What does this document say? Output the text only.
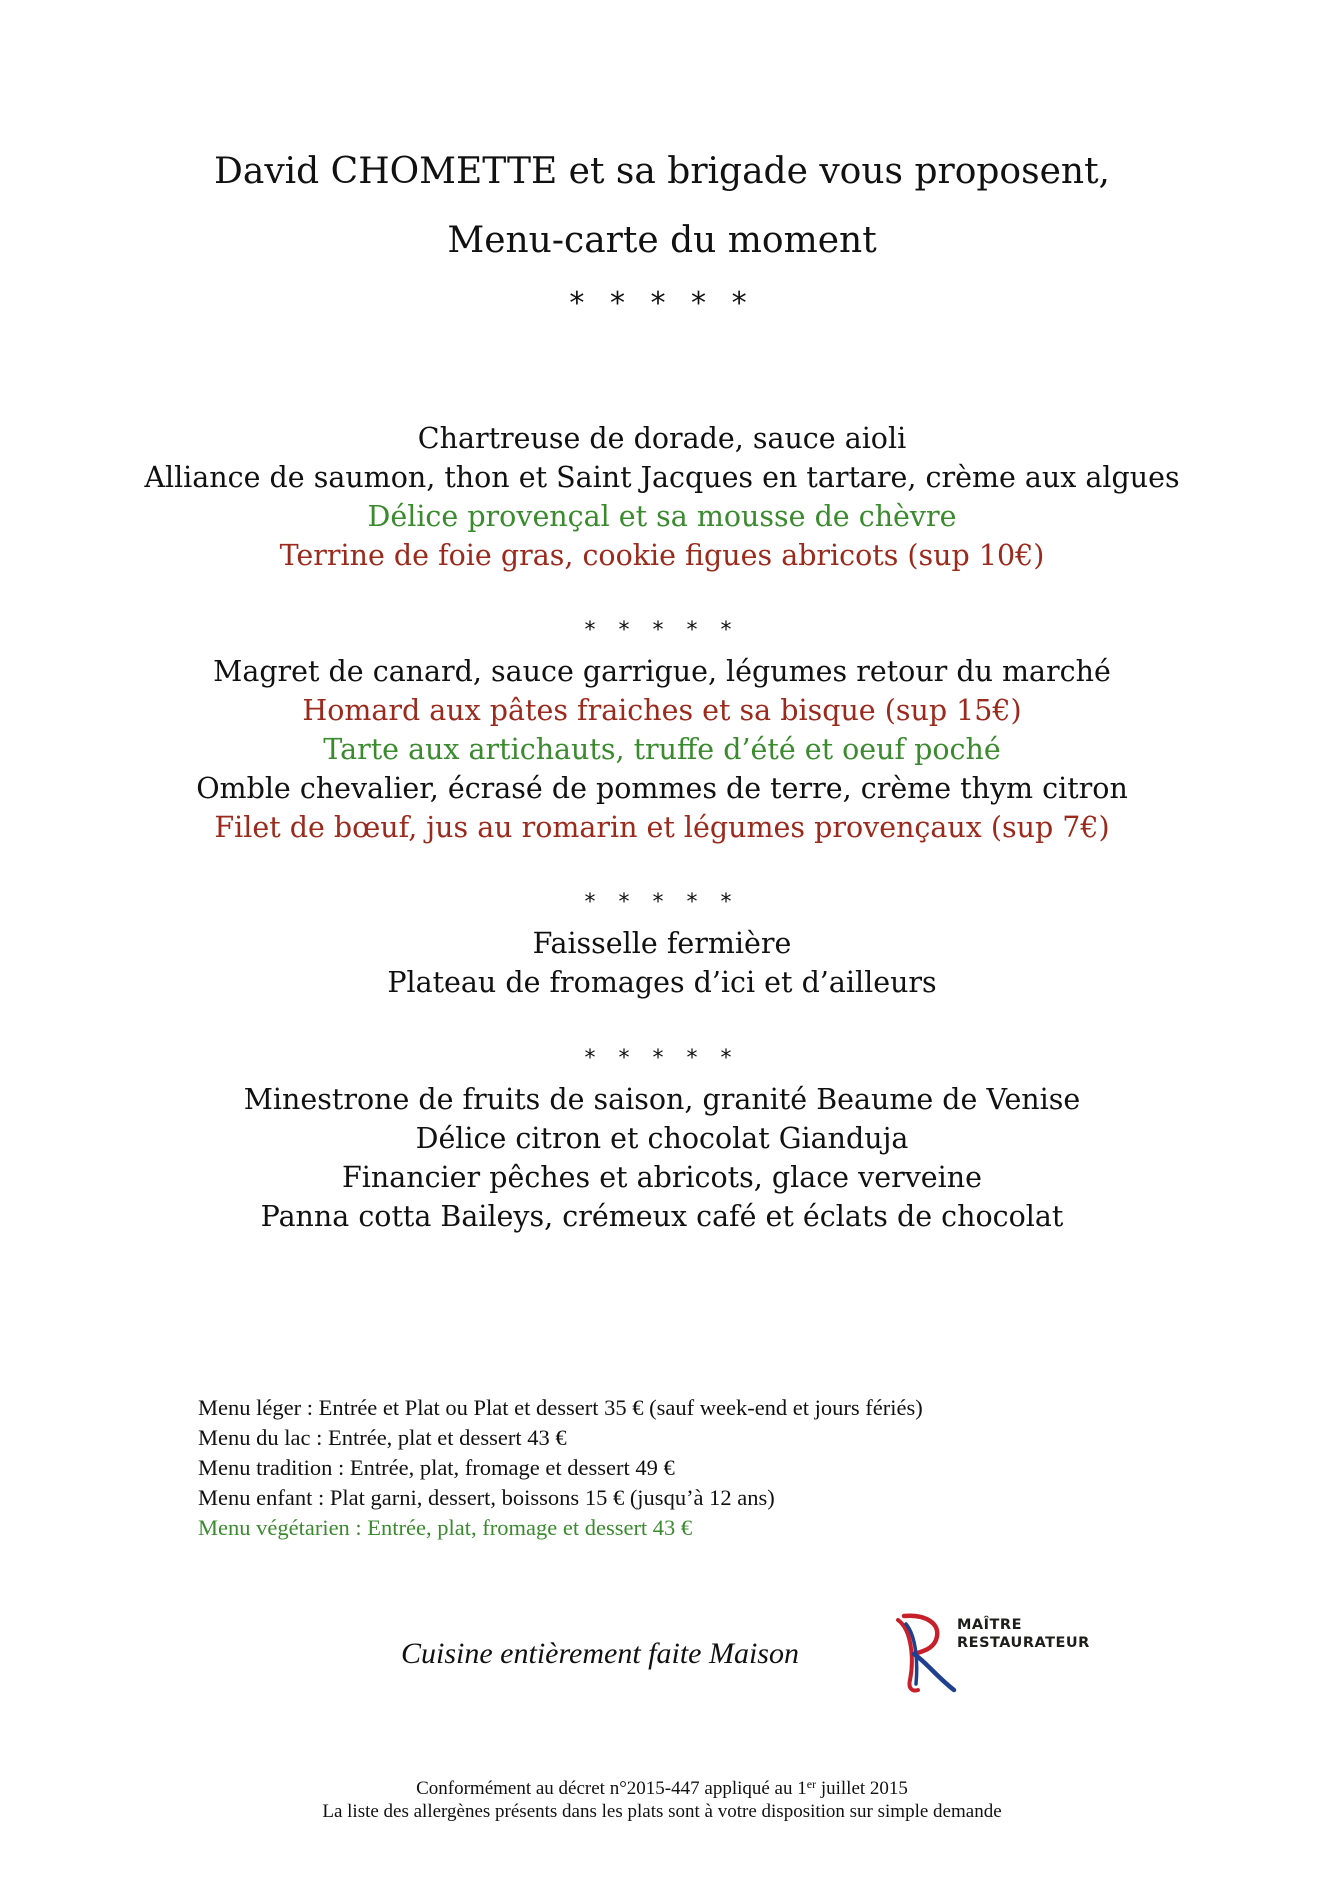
David CHOMETTE et sa brigade vous proposent,
Menu-carte du moment
* * * * *
Chartreuse de dorade, sauce aioli
Alliance de saumon, thon et Saint Jacques en tartare, crème aux algues
Délice provençal et sa mousse de chèvre
Terrine de foie gras, cookie figues abricots (sup 10€)
* * * * *
Magret de canard, sauce garrigue, légumes retour du marché
Homard aux pâtes fraiches et sa bisque (sup 15€)
Tarte aux artichauts, truffe d’été et oeuf poché
Omble chevalier, écrasé de pommes de terre, crème thym citron
Filet de bœuf, jus au romarin et légumes provençaux (sup 7€)
* * * * *
Faisselle fermière
Plateau de fromages d’ici et d’ailleurs
* * * * *
Minestrone de fruits de saison, granité Beaume de Venise
Délice citron et chocolat Gianduja
Financier pêches et abricots, glace verveine
Panna cotta Baileys, crémeux café et éclats de chocolat
Menu léger : Entrée et Plat ou Plat et dessert 35 € (sauf week-end et jours fériés)
Menu du lac : Entrée, plat et dessert 43 €
Menu tradition : Entrée, plat, fromage et dessert 49 €
Menu enfant : Plat garni, dessert, boissons 15 € (jusqu’à 12 ans)
Menu végétarien : Entrée, plat, fromage et dessert 43 €
Cuisine entièrement faite Maison
MAÎTRE
RESTAURATEUR
Conformément au décret n°2015-447 appliqué au 1er juillet 2015
La liste des allergènes présents dans les plats sont à votre disposition sur simple demande
